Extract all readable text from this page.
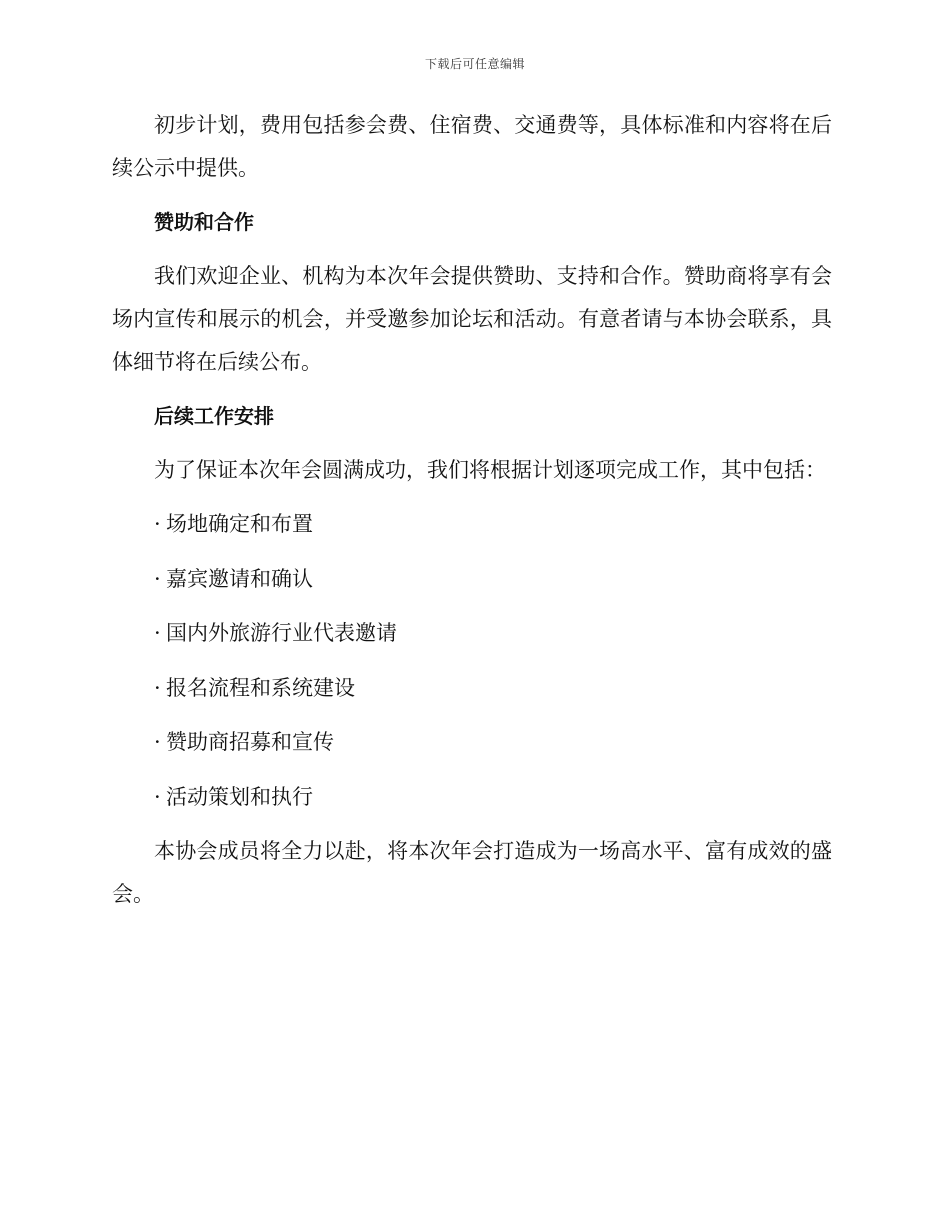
下载后可任意编辑

初步计划，费用包括参会费、住宿费、交通费等，具体标准和内容将在后续公示中提供。

赞助和合作

我们欢迎企业、机构为本次年会提供赞助、支持和合作。赞助商将享有会场内宣传和展示的机会，并受邀参加论坛和活动。有意者请与本协会联系，具体细节将在后续公布。

后续工作安排

为了保证本次年会圆满成功，我们将根据计划逐项完成工作，其中包括：

· 场地确定和布置
· 嘉宾邀请和确认
· 国内外旅游行业代表邀请
· 报名流程和系统建设
· 赞助商招募和宣传
· 活动策划和执行

本协会成员将全力以赴，将本次年会打造成为一场高水平、富有成效的盛会。
